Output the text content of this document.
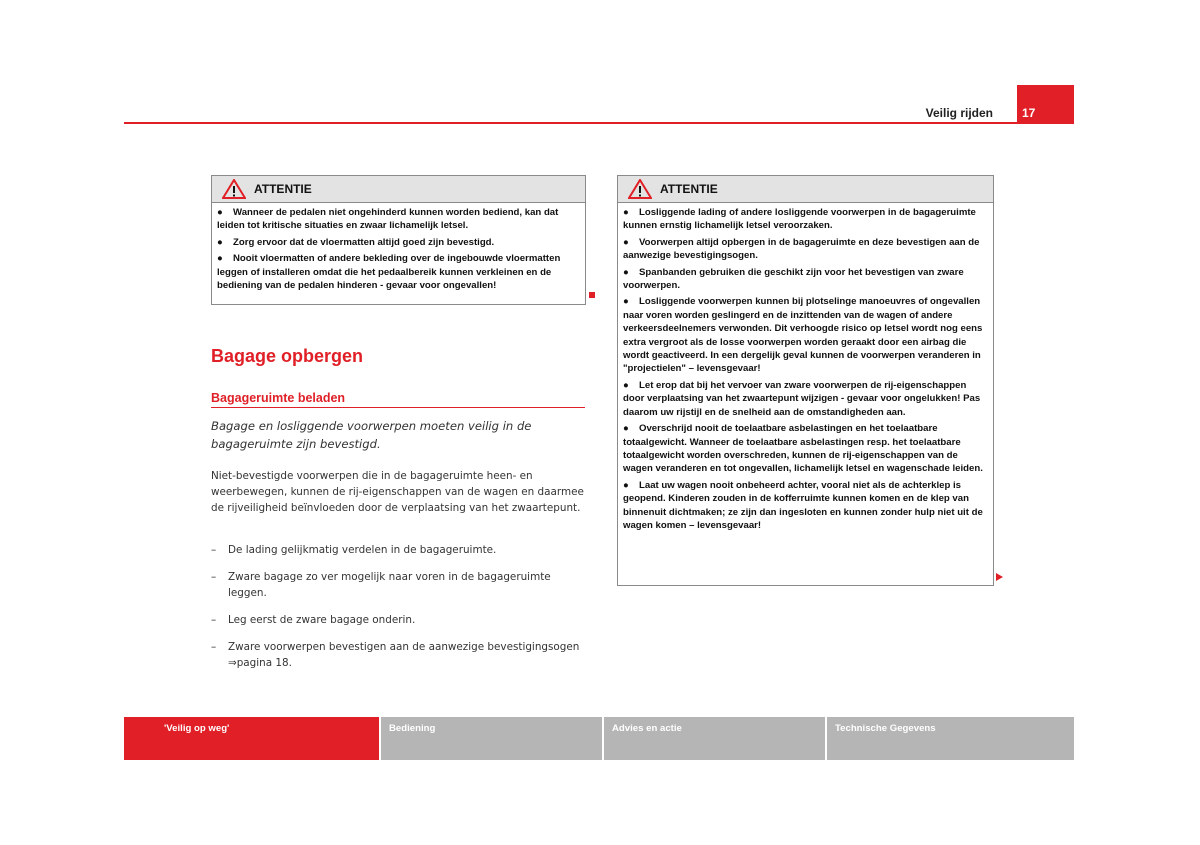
Veilig rijden 17
ATTENTIE
● Wanneer de pedalen niet ongehinderd kunnen worden bediend, kan dat leiden tot kritische situaties en zwaar lichamelijk letsel.
● Zorg ervoor dat de vloermatten altijd goed zijn bevestigd.
● Nooit vloermatten of andere bekleding over de ingebouwde vloermatten leggen of installeren omdat die het pedaalbereik kunnen verkleinen en de bediening van de pedalen hinderen - gevaar voor ongevallen!
Bagage opbergen
Bagageruimte beladen
Bagage en losliggende voorwerpen moeten veilig in de bagageruimte zijn bevestigd.
Niet-bevestigde voorwerpen die in de bagageruimte heen- en weerbewegen, kunnen de rij-eigenschappen van de wagen en daarmee de rijveiligheid beïnvloeden door de verplaatsing van het zwaartepunt.
– De lading gelijkmatig verdelen in de bagageruimte.
– Zware bagage zo ver mogelijk naar voren in de bagageruimte leggen.
– Leg eerst de zware bagage onderin.
– Zware voorwerpen bevestigen aan de aanwezige bevestigingsogen ⇒pagina 18.
ATTENTIE
● Losliggende lading of andere losliggende voorwerpen in de bagageruimte kunnen ernstig lichamelijk letsel veroorzaken.
● Voorwerpen altijd opbergen in de bagageruimte en deze bevestigen aan de aanwezige bevestigingsogen.
● Spanbanden gebruiken die geschikt zijn voor het bevestigen van zware voorwerpen.
● Losliggende voorwerpen kunnen bij plotselinge manoeuvres of ongevallen naar voren worden geslingerd en de inzittenden van de wagen of andere verkeersdeelnemers verwonden. Dit verhoogde risico op letsel wordt nog eens extra vergroot als de losse voorwerpen worden geraakt door een airbag die wordt geactiveerd. In een dergelijk geval kunnen de voorwerpen veranderen in "projectielen" – levensgevaar!
● Let erop dat bij het vervoer van zware voorwerpen de rij-eigenschappen door verplaatsing van het zwaartepunt wijzigen - gevaar voor ongelukken! Pas daarom uw rijstijl en de snelheid aan de omstandigheden aan.
● Overschrijd nooit de toelaatbare asbelastingen en het toelaatbare totaalgewicht. Wanneer de toelaatbare asbelastingen resp. het toelaatbare totaalgewicht worden overschreden, kunnen de rij-eigenschappen van de wagen veranderen en tot ongevallen, lichamelijk letsel en wagenschade leiden.
● Laat uw wagen nooit onbeheerd achter, vooral niet als de achterklep is geopend. Kinderen zouden in de kofferruimte kunnen komen en de klep van binnenuit dichtmaken; ze zijn dan ingesloten en kunnen zonder hulp niet uit de wagen komen – levensgevaar!
'Veilig op weg'	Bediening	Advies en actie	Technische Gegevens
